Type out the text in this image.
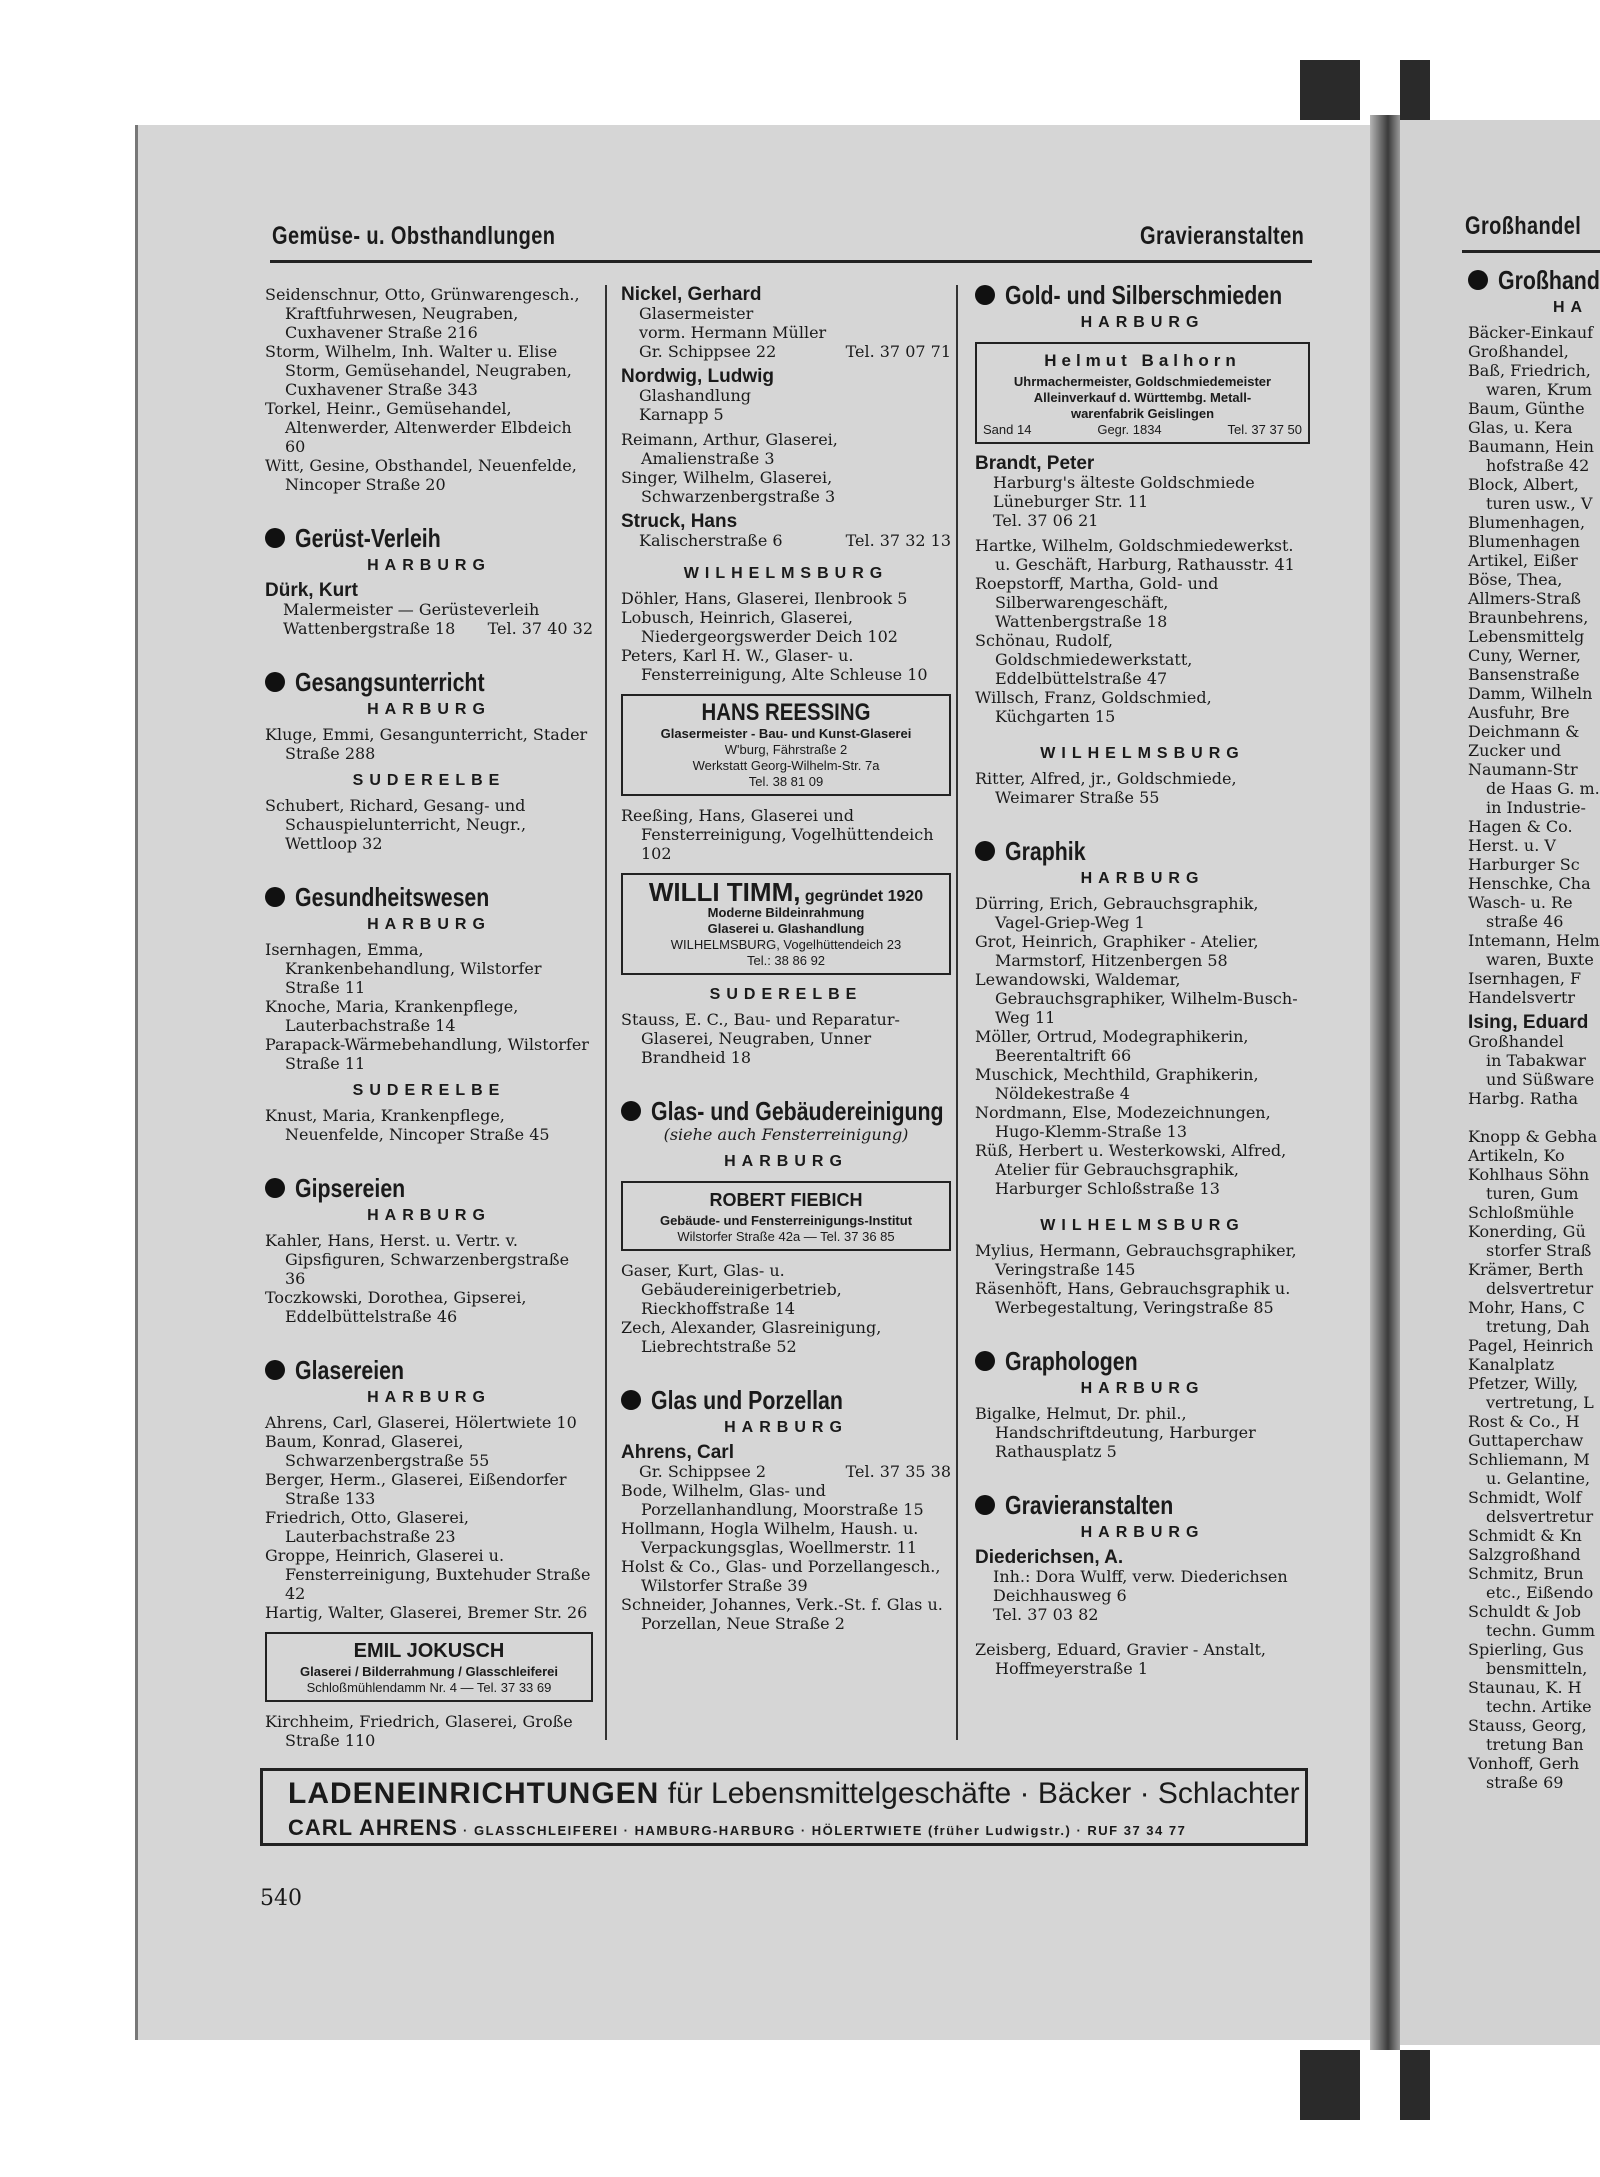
Gemüse- u. Obsthandlungen	Gravieranstalten

Seidenschnur, Otto, Grünwarengesch., Kraftfuhrwesen, Neugraben, Cuxhavener Straße 216

Storm, Wilhelm, Inh. Walter u. Elise Storm, Gemüsehandel, Neugraben, Cuxhavener Straße 343

Torkel, Heinr., Gemüsehandel, Altenwerder, Altenwerder Elbdeich 60

Witt, Gesine, Obsthandel, Neuenfelde, Nincoper Straße 20

Gerüst-Verleih
HARBURG
Dürk, Kurt
Malermeister — Gerüsteverleih
Wattenbergstraße 18 Tel. 37 40 32
Gesangsunterricht
HARBURG

Kluge, Emmi, Gesangunterricht, Stader Straße 288

SUDERELBE

Schubert, Richard, Gesang- und Schauspielunterricht, Neugr., Wettloop 32

Gesundheitswesen
HARBURG

Isernhagen, Emma, Krankenbehandlung, Wilstorfer Straße 11

Knoche, Maria, Krankenpflege, Lauterbachstraße 14

Parapack-Wärmebehandlung, Wilstorfer Straße 11

SUDERELBE

Knust, Maria, Krankenpflege, Neuenfelde, Nincoper Straße 45

Gipsereien
HARBURG

Kahler, Hans, Herst. u. Vertr. v. Gipsfiguren, Schwarzenbergstraße 36

Toczkowski, Dorothea, Gipserei, Eddelbüttelstraße 46

Glasereien
HARBURG

Ahrens, Carl, Glaserei, Hölertwiete 10

Baum, Konrad, Glaserei, Schwarzenbergstraße 55

Berger, Herm., Glaserei, Eißendorfer Straße 133

Friedrich, Otto, Glaserei, Lauterbachstraße 23

Groppe, Heinrich, Glaserei u. Fensterreinigung, Buxtehuder Straße 42

Hartig, Walter, Glaserei, Bremer Str. 26

EMIL JOKUSCH
Glaserei / Bilderrahmung / Glasschleiferei
Schloßmühlendamm Nr. 4 — Tel. 37 33 69

Kirchheim, Friedrich, Glaserei, Große Straße 110

Nickel, Gerhard
Glasermeister
vorm. Hermann Müller
Gr. Schippsee 22	Tel. 37 07 71
Nordwig, Ludwig
Glashandlung
Karnapp 5

Reimann, Arthur, Glaserei, Amalienstraße 3

Singer, Wilhelm, Glaserei, Schwarzenbergstraße 3

Struck, Hans
Kalischerstraße 6	Tel. 37 32 13
WILHELMSBURG

Döhler, Hans, Glaserei, Ilenbrook 5

Lobusch, Heinrich, Glaserei, Niedergeorgswerder Deich 102

Peters, Karl H. W., Glaser- u. Fensterreinigung, Alte Schleuse 10

HANS REESSING
Glasermeister - Bau- und Kunst-Glaserei
W'burg, Fährstraße 2
Werkstatt Georg-Wilhelm-Str. 7a
Tel. 38 81 09

Reeßing, Hans, Glaserei und Fensterreinigung, Vogelhüttendeich 102

WILLI TIMM, gegründet 1920
Moderne Bildeinrahmung
Glaserei u. Glashandlung
WILHELMSBURG, Vogelhüttendeich 23
Tel.: 38 86 92
SUDERELBE

Stauss, E. C., Bau- und Reparatur-Glaserei, Neugraben, Unner Brandheid 18

Glas- und Gebäudereinigung
(siehe auch Fensterreinigung)
HARBURG
ROBERT FIEBICH
Gebäude- und Fensterreinigungs-Institut
Wilstorfer Straße 42a — Tel. 37 36 85

Gaser, Kurt, Glas- u. Gebäudereinigerbetrieb, Rieckhoffstraße 14

Zech, Alexander, Glasreinigung, Liebrechtstraße 52

Glas und Porzellan
HARBURG
Ahrens, Carl
Gr. Schippsee 2	Tel. 37 35 38

Bode, Wilhelm, Glas- und Porzellanhandlung, Moorstraße 15

Hollmann, Hogla Wilhelm, Haush. u. Verpackungsglas, Woellmerstr. 11

Holst & Co., Glas- und Porzellangesch., Wilstorfer Straße 39

Schneider, Johannes, Verk.-St. f. Glas u. Porzellan, Neue Straße 2

Gold- und Silberschmieden
HARBURG
Helmut Balhorn
Uhrmachermeister, Goldschmiedemeister
Alleinverkauf d. Württembg. Metall-
warenfabrik Geislingen
Sand 14	Gegr. 1834	Tel. 37 37 50
Brandt, Peter
Harburg's älteste Goldschmiede
Lüneburger Str. 11
Tel. 37 06 21

Hartke, Wilhelm, Goldschmiedewerkst. u. Geschäft, Harburg, Rathausstr. 41

Roepstorff, Martha, Gold- und Silberwarengeschäft, Wattenbergstraße 18

Schönau, Rudolf, Goldschmiedewerkstatt, Eddelbüttelstraße 47

Willsch, Franz, Goldschmied, Küchgarten 15

WILHELMSBURG

Ritter, Alfred, jr., Goldschmiede, Weimarer Straße 55

Graphik
HARBURG

Dürring, Erich, Gebrauchsgraphik, Vagel-Griep-Weg 1

Grot, Heinrich, Graphiker - Atelier, Marmstorf, Hitzenbergen 58

Lewandowski, Waldemar, Gebrauchsgraphiker, Wilhelm-Busch-Weg 11

Möller, Ortrud, Modegraphikerin, Beerentaltrift 66

Muschick, Mechthild, Graphikerin, Nöldekestraße 4

Nordmann, Else, Modezeichnungen, Hugo-Klemm-Straße 13

Rüß, Herbert u. Westerkowski, Alfred, Atelier für Gebrauchsgraphik, Harburger Schloßstraße 13

WILHELMSBURG

Mylius, Hermann, Gebrauchsgraphiker, Veringstraße 145

Räsenhöft, Hans, Gebrauchsgraphik u. Werbegestaltung, Veringstraße 85

Graphologen
HARBURG

Bigalke, Helmut, Dr. phil., Handschriftdeutung, Harburger Rathausplatz 5

Gravieranstalten
HARBURG
Diederichsen, A.
Inh.: Dora Wulff, verw. Diederichsen
Deichhausweg 6
Tel. 37 03 82

Zeisberg, Eduard, Gravier - Anstalt, Hoffmeyerstraße 1

LADENEINRICHTUNGEN für Lebensmittelgeschäfte · Bäcker · Schlachter
CARL AHRENS · GLASSCHLEIFEREI · HAMBURG-HARBURG · HÖLERTWIETE (früher Ludwigstr.) · RUF 37 34 77
540
Großhandel
Großhand
HA
Bäcker-Einkauf
Großhandel,
Baß, Friedrich,
waren, Krum
Baum, Günthe
Glas, u. Kera
Baumann, Hein
hofstraße 42
Block, Albert,
turen usw., V
Blumenhagen,
Blumenhagen
Artikel, Eißer
Böse, Thea,
Allmers-Straß
Braunbehrens,
Lebensmittelg
Cuny, Werner,
Bansenstraße
Damm, Wilheln
Ausfuhr, Bre
Deichmann &
Zucker und
Naumann-Str
de Haas G. m.
in Industrie-
Hagen & Co.
Herst. u. V
Harburger Sc
Henschke, Cha
Wasch- u. Re
straße 46
Intemann, Helm
waren, Buxte
Isernhagen, F
Handelsvertr
Ising, Eduard
Großhandel
in Tabakwar
und Süßware
Harbg. Ratha
Knopp & Gebha
Artikeln, Ko
Kohlhaus Söhn
turen, Gum
Schloßmühle
Konerding, Gü
storfer Straß
Krämer, Berth
delsvertretur
Mohr, Hans, C
tretung, Dah
Pagel, Heinrich
Kanalplatz
Pfetzer, Willy,
vertretung, L
Rost & Co., H
Guttaperchaw
Schliemann, M
u. Gelantine,
Schmidt, Wolf
delsvertretur
Schmidt & Kn
Salzgroßhand
Schmitz, Brun
etc., Eißendo
Schuldt & Job
techn. Gumm
Spierling, Gus
bensmitteln,
Staunau, K. H
techn. Artike
Stauss, Georg,
tretung Ban
Vonhoff, Gerh
straße 69
